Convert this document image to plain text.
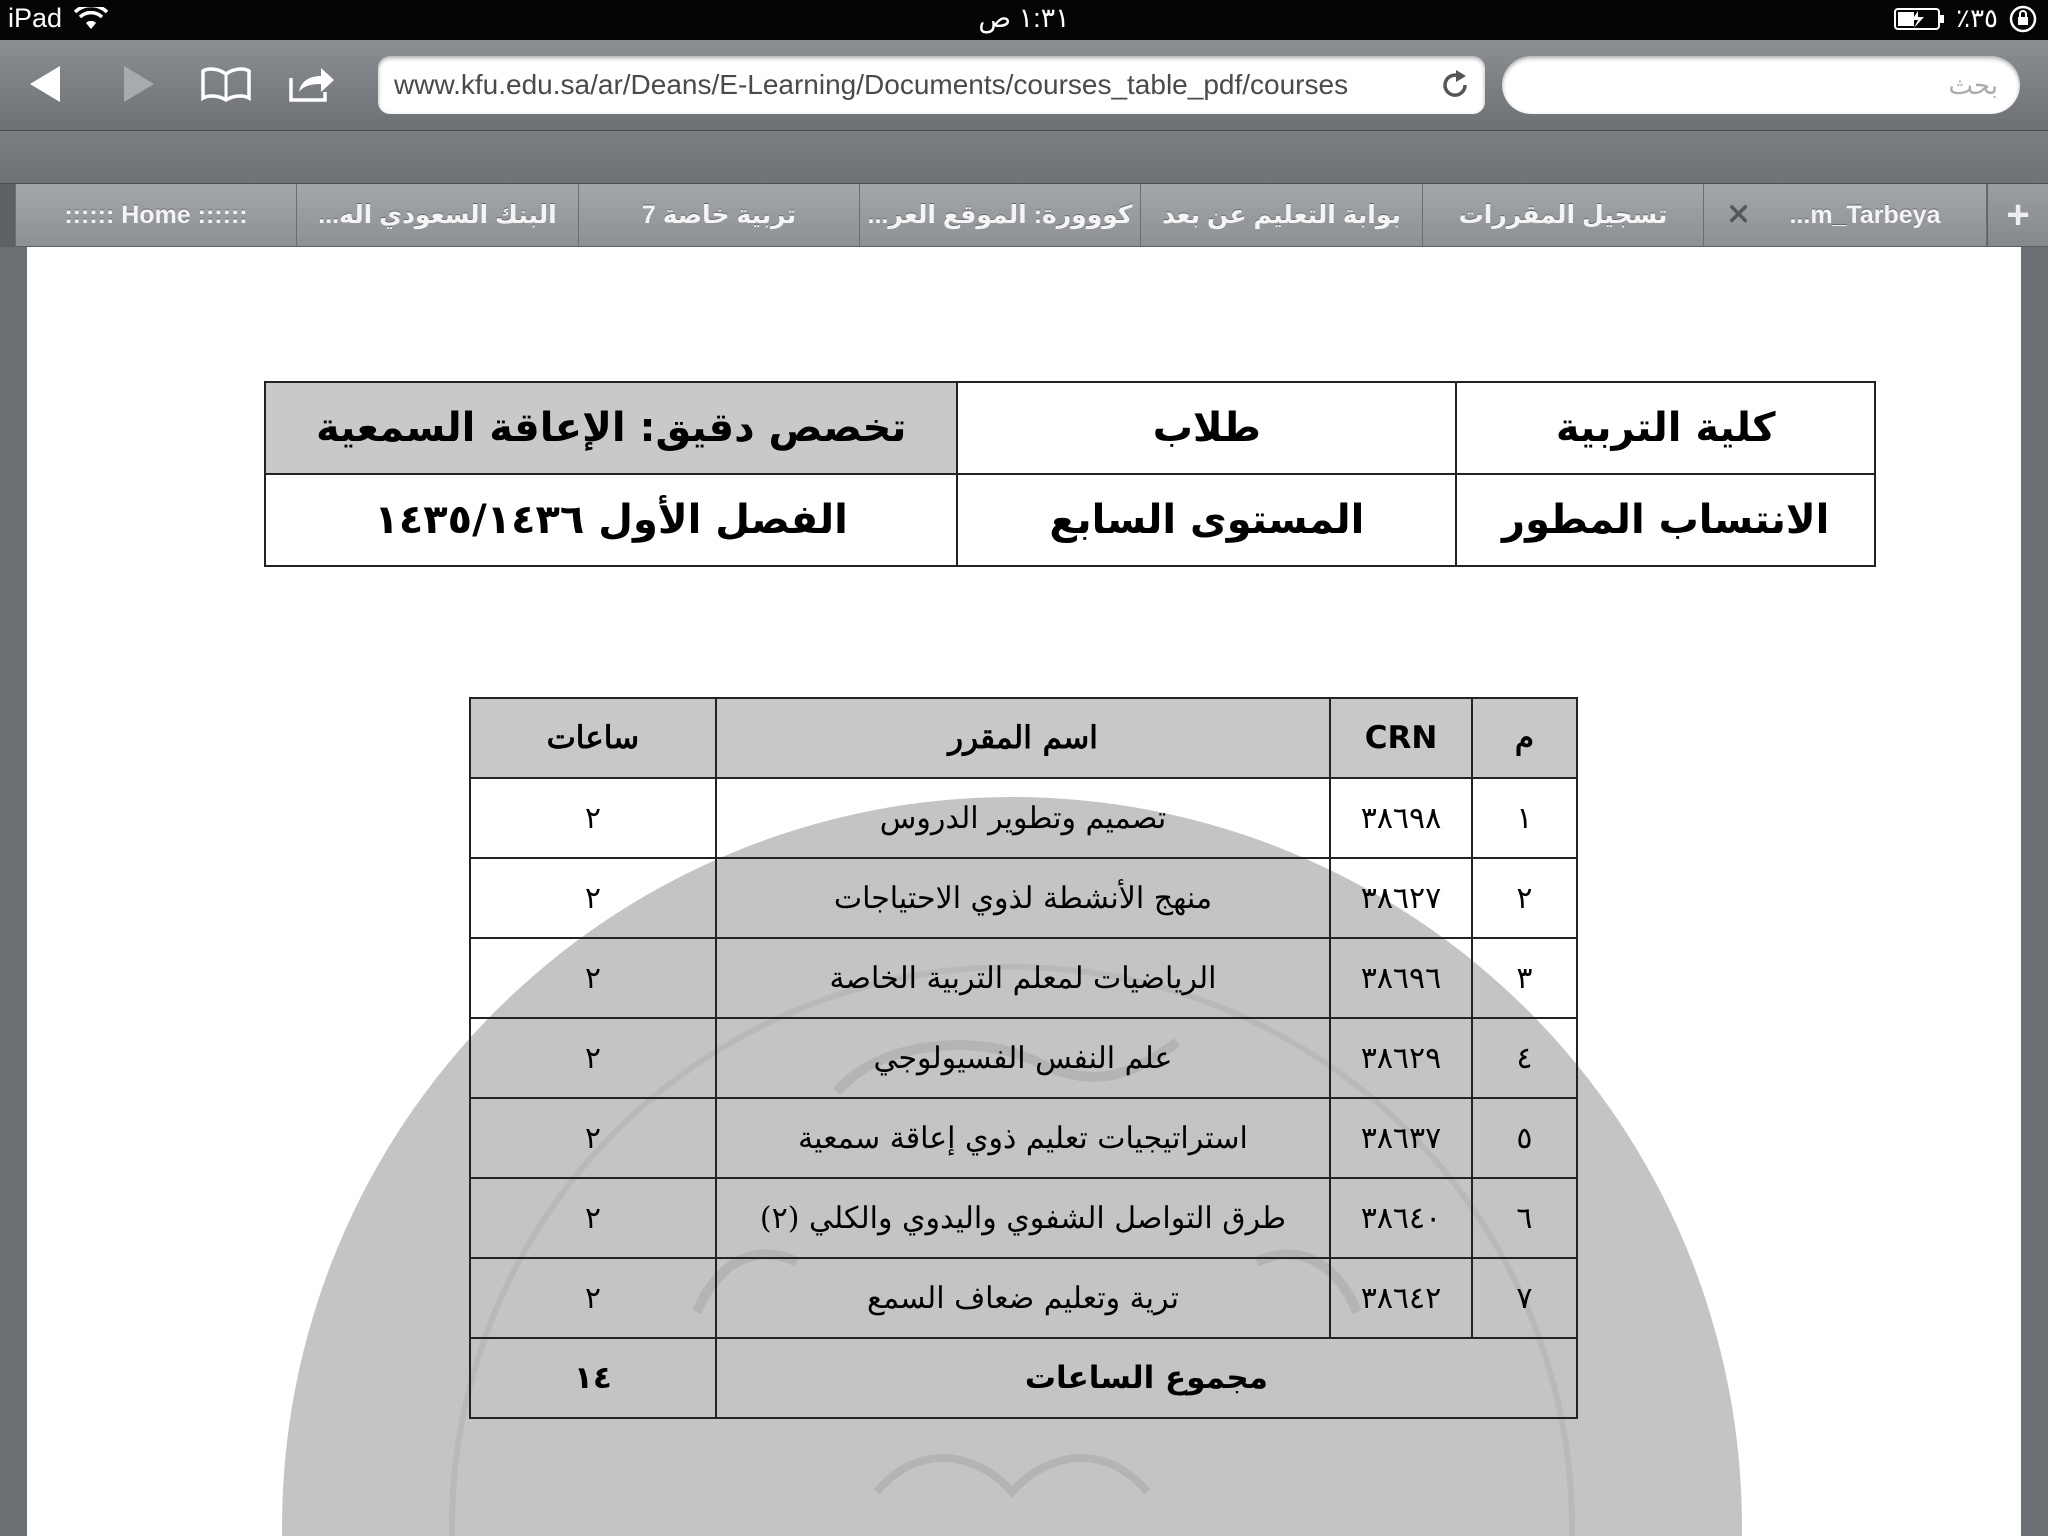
iPad	١:٣١ ص	٪٣٥
www.kfu.edu.sa/ar/Deans/E-Learning/Documents/courses_table_pdf/courses
بحث
✕ m_Tarbeya...
تسجيل المقررات
بوابة التعليم عن بعد
كووورة: الموقع العر...
تربية خاصة 7
البنك السعودي اله...
:::::: Home ::::::	+
كلية التربية	طلاب	تخصص دقيق: الإعاقة السمعية
الانتساب المطور	المستوى السابع	الفصل الأول ١٤٣٥/١٤٣٦
م	CRN	اسم المقرر	ساعات
١	٣٨٦٩٨	تصميم وتطوير الدروس	٢
٢	٣٨٦٢٧	منهج الأنشطة لذوي الاحتياجات	٢
٣	٣٨٦٩٦	الرياضيات لمعلم التربية الخاصة	٢
٤	٣٨٦٢٩	علم النفس الفسيولوجي	٢
٥	٣٨٦٣٧	استراتيجيات تعليم ذوي إعاقة سمعية	٢
٦	٣٨٦٤٠	طرق التواصل الشفوي واليدوي والكلي (٢)	٢
٧	٣٨٦٤٢	ترية وتعليم ضعاف السمع	٢
مجموع الساعات			١٤
